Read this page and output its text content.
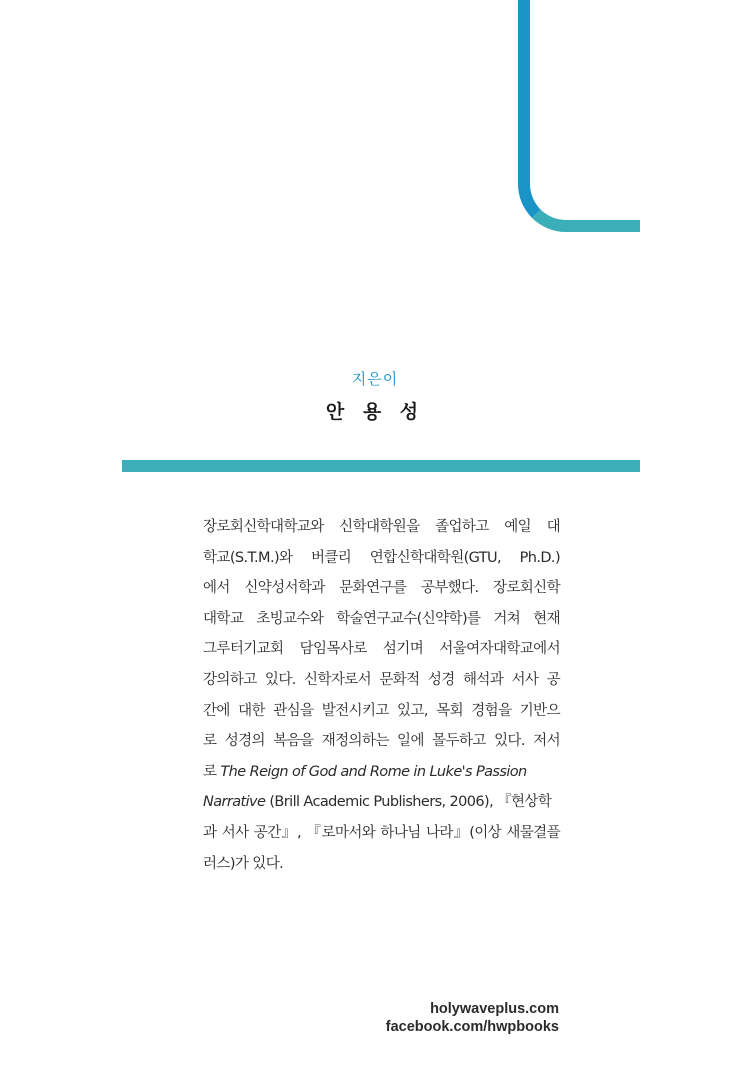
지은이
안 용 성
장로회신학대학교와 신학대학원을 졸업하고 예일 대
학교(S.T.M.)와 버클리 연합신학대학원(GTU, Ph.D.)
에서 신약성서학과 문화연구를 공부했다. 장로회신학
대학교 초빙교수와 학술연구교수(신약학)를 거쳐 현재
그루터기교회 담임목사로 섬기며 서울여자대학교에서
강의하고 있다. 신학자로서 문화적 성경 해석과 서사 공
간에 대한 관심을 발전시키고 있고, 목회 경험을 기반으
로 성경의 복음을 재정의하는 일에 몰두하고 있다. 저서
로 The Reign of God and Rome in Luke's Passion
Narrative (Brill Academic Publishers, 2006), 『현상학
과 서사 공간』, 『로마서와 하나님 나라』(이상 새물결플
러스)가 있다.
holywaveplus.com
facebook.com/hwpbooks
